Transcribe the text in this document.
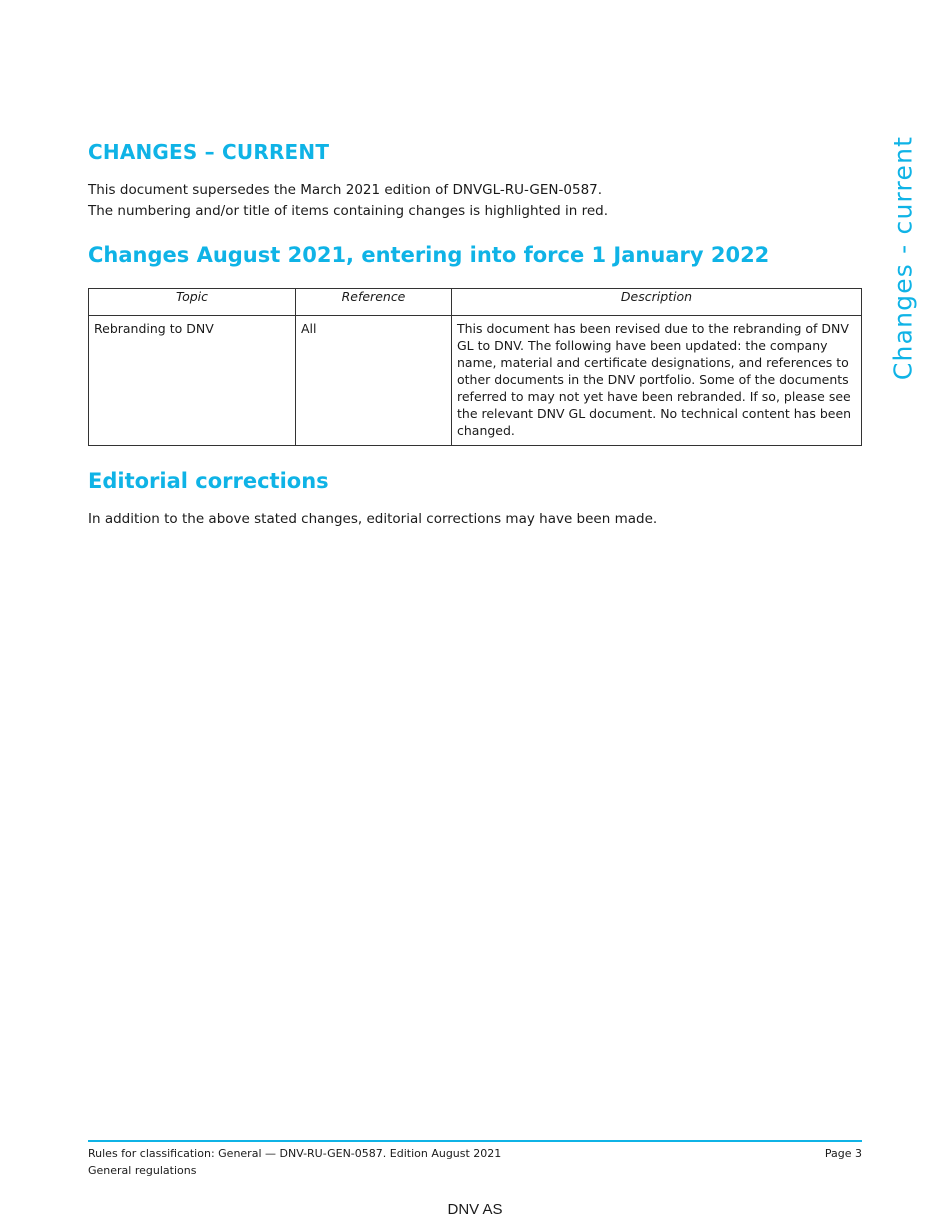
CHANGES – CURRENT
This document supersedes the March 2021 edition of DNVGL-RU-GEN-0587.
The numbering and/or title of items containing changes is highlighted in red.
Changes August 2021, entering into force 1 January 2022
Topic	Reference	Description
Rebranding to DNV	All	This document has been revised due to the rebranding of DNV GL to DNV. The following have been updated: the company name, material and certificate designations, and references to other documents in the DNV portfolio. Some of the documents referred to may not yet have been rebranded. If so, please see the relevant DNV GL document. No technical content has been changed.
Editorial corrections
In addition to the above stated changes, editorial corrections may have been made.
Changes - current
Rules for classification: General — DNV-RU-GEN-0587. Edition August 2021
General regulations
Page 3
DNV AS
